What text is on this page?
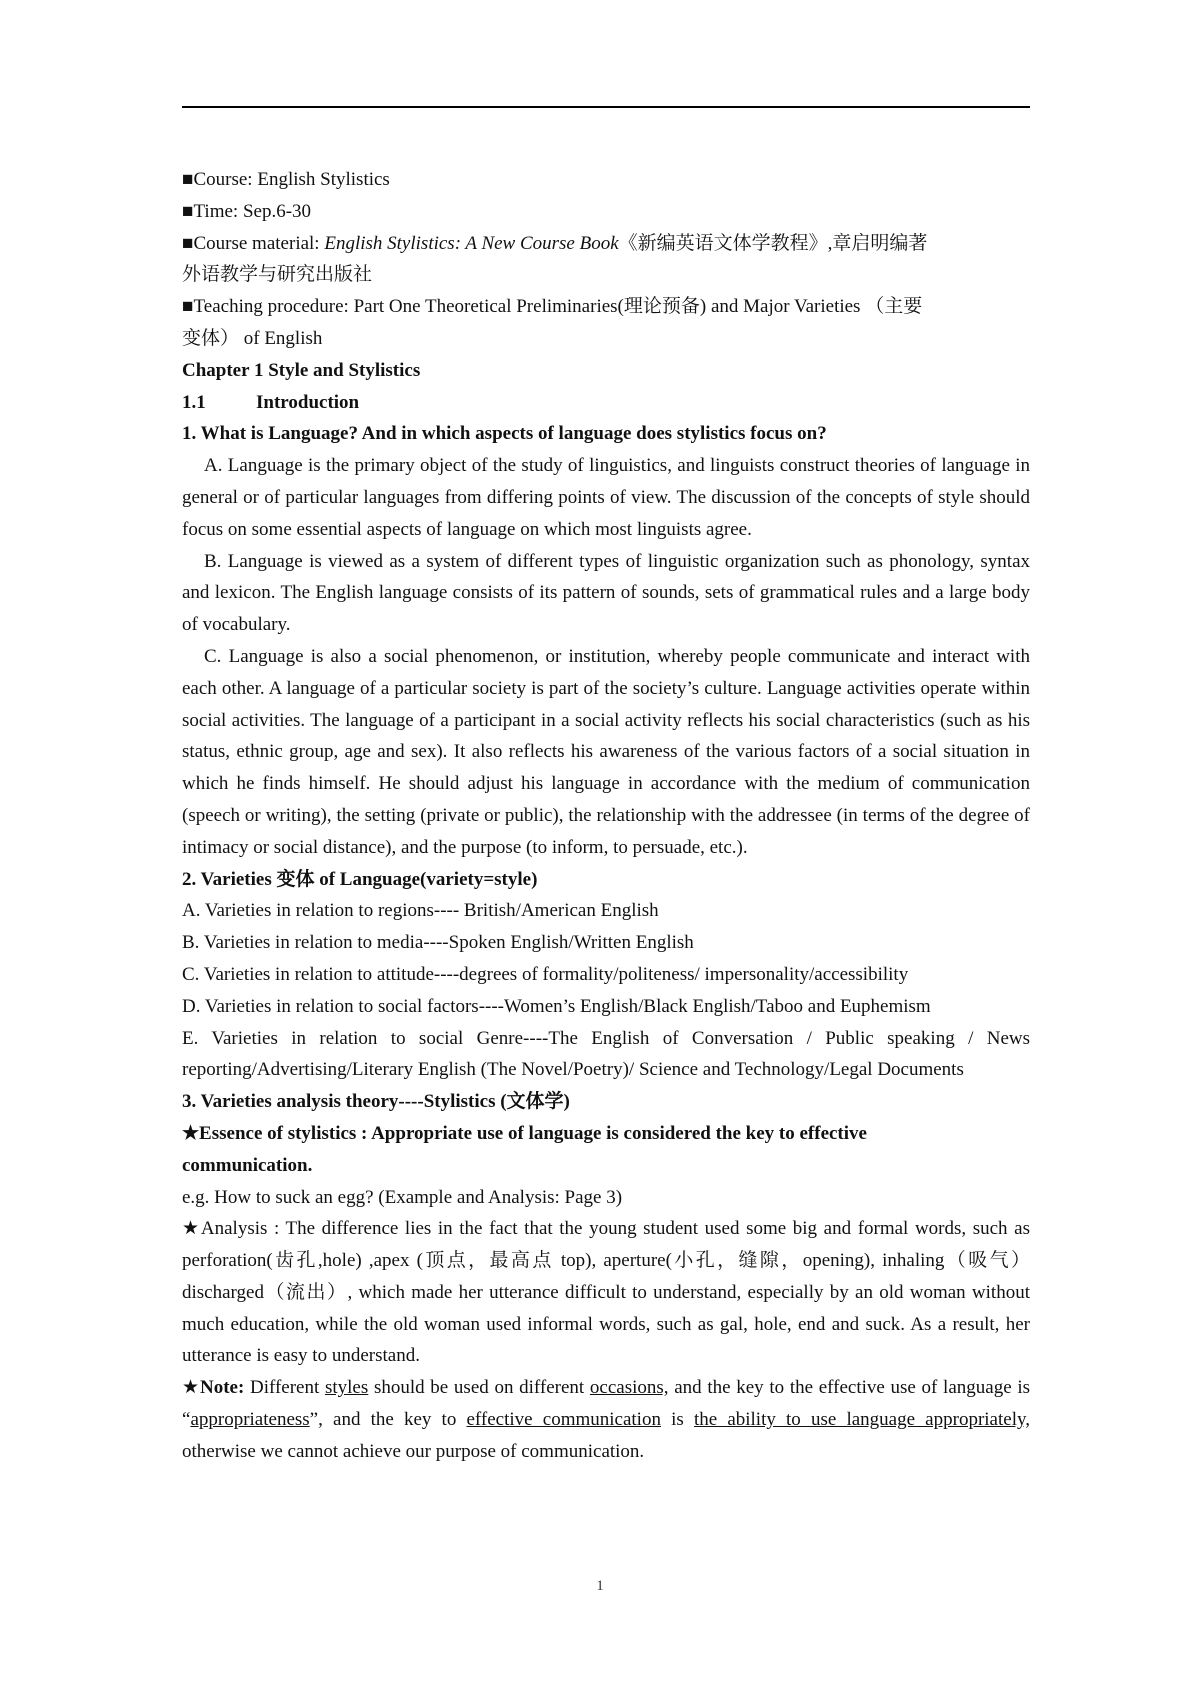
■ Course: English Stylistics
■ Time: Sep.6-30
■ Course material: English Stylistics: A New Course Book《新编英语文体学教程》,章启明编著
外语教学与研究出版社
■ Teaching procedure: Part One Theoretical Preliminaries(理论预备) and Major Varieties （主要
变体） of English
Chapter 1 Style and Stylistics
1.1	Introduction
1. What is Language? And in which aspects of language does stylistics focus on?
A. Language is the primary object of the study of linguistics, and linguists construct theories of language in general or of particular languages from differing points of view. The discussion of the concepts of style should focus on some essential aspects of language on which most linguists agree.
B. Language is viewed as a system of different types of linguistic organization such as phonology, syntax and lexicon. The English language consists of its pattern of sounds, sets of grammatical rules and a large body of vocabulary.
C. Language is also a social phenomenon, or institution, whereby people communicate and interact with each other. A language of a particular society is part of the society’s culture. Language activities operate within social activities. The language of a participant in a social activity reflects his social characteristics (such as his status, ethnic group, age and sex). It also reflects his awareness of the various factors of a social situation in which he finds himself. He should adjust his language in accordance with the medium of communication (speech or writing), the setting (private or public), the relationship with the addressee (in terms of the degree of intimacy or social distance), and the purpose (to inform, to persuade, etc.).
2. Varieties 变体 of Language(variety=style)
A. Varieties in relation to regions---- British/American English
B. Varieties in relation to media----Spoken English/Written English
C. Varieties in relation to attitude----degrees of formality/politeness/ impersonality/accessibility
D. Varieties in relation to social factors----Women’s English/Black English/Taboo and Euphemism
E. Varieties in relation to social Genre----The English of Conversation / Public speaking / News reporting/Advertising/Literary English (The Novel/Poetry)/ Science and Technology/Legal Documents
3. Varieties analysis theory----Stylistics (文体学)
★ Essence of stylistics : Appropriate use of language is considered the key to effective
communication.
e.g. How to suck an egg? (Example and Analysis: Page 3)
★ Analysis : The difference lies in the fact that the young student used some big and formal words, such as perforation(齿孔,hole) ,apex (顶点，最高点 top), aperture(小孔，缝隙，opening), inhaling（吸气） discharged（流出）, which made her utterance difficult to understand, especially by an old woman without much education, while the old woman used informal words, such as gal, hole, end and suck. As a result, her utterance is easy to understand.
★ Note: Different styles should be used on different occasions, and the key to the effective use of language is “appropriateness”, and the key to effective communication is the ability to use language appropriately, otherwise we cannot achieve our purpose of communication.
1
